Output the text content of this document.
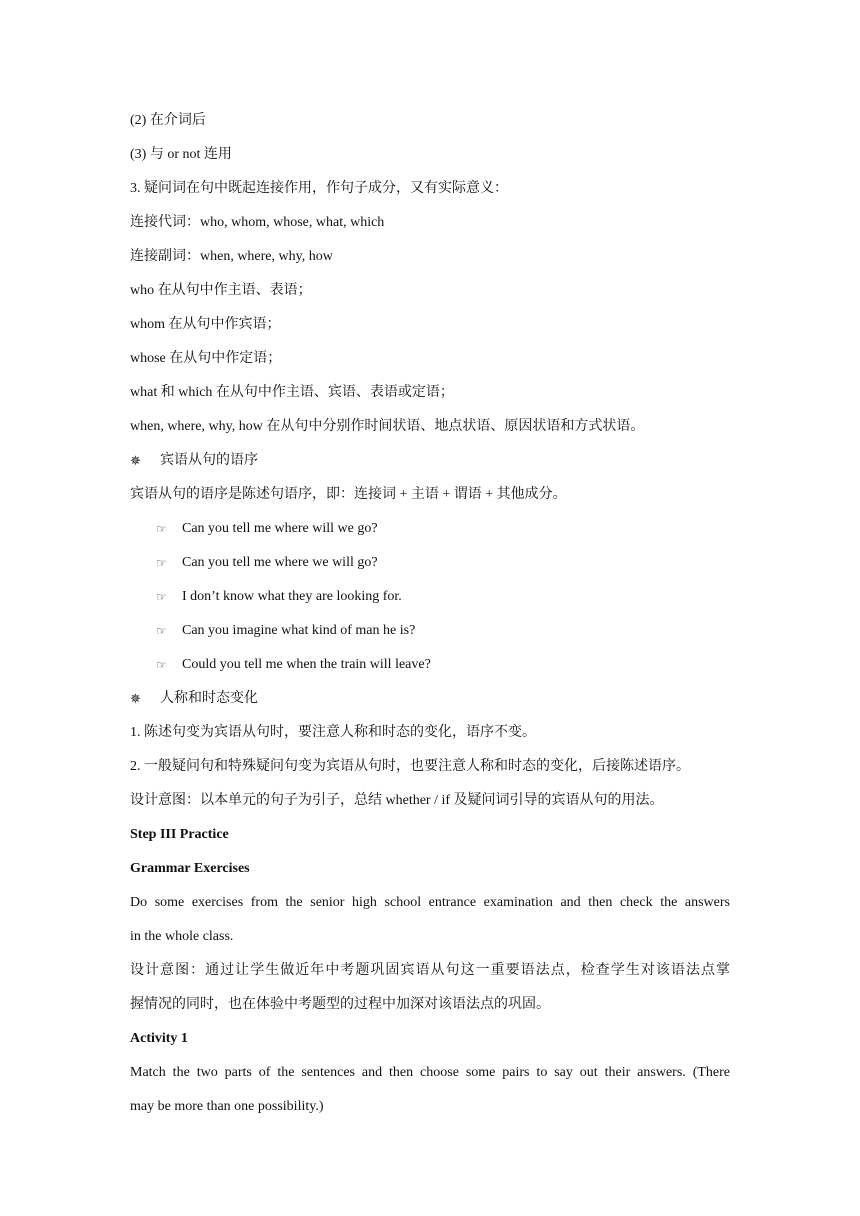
(2) 在介词后
(3) 与 or not 连用
3. 疑问词在句中既起连接作用，作句子成分，又有实际意义：
连接代词：who, whom, whose, what, which
连接副词：when, where, why, how
who 在从句中作主语、表语；
whom 在从句中作宾语；
whose 在从句中作定语；
what 和 which 在从句中作主语、宾语、表语或定语；
when, where, why, how 在从句中分别作时间状语、地点状语、原因状语和方式状语。
✵	宾语从句的语序
宾语从句的语序是陈述句语序，即：连接词 + 主语 + 谓语 + 其他成分。
☞	Can you tell me where will we go?
☞	Can you tell me where we will go?
☞	I don’t know what they are looking for.
☞	Can you imagine what kind of man he is?
☞	Could you tell me when the train will leave?
✵	人称和时态变化
1. 陈述句变为宾语从句时，要注意人称和时态的变化，语序不变。
2. 一般疑问句和特殊疑问句变为宾语从句时，也要注意人称和时态的变化，后接陈述语序。
设计意图：以本单元的句子为引子，总结 whether / if 及疑问词引导的宾语从句的用法。
Step III Practice
Grammar Exercises
Do some exercises from the senior high school entrance examination and then check the answers
in the whole class.
设计意图：通过让学生做近年中考题巩固宾语从句这一重要语法点，检查学生对该语法点掌
握情况的同时，也在体验中考题型的过程中加深对该语法点的巩固。
Activity 1
Match the two parts of the sentences and then choose some pairs to say out their answers. (There
may be more than one possibility.)
